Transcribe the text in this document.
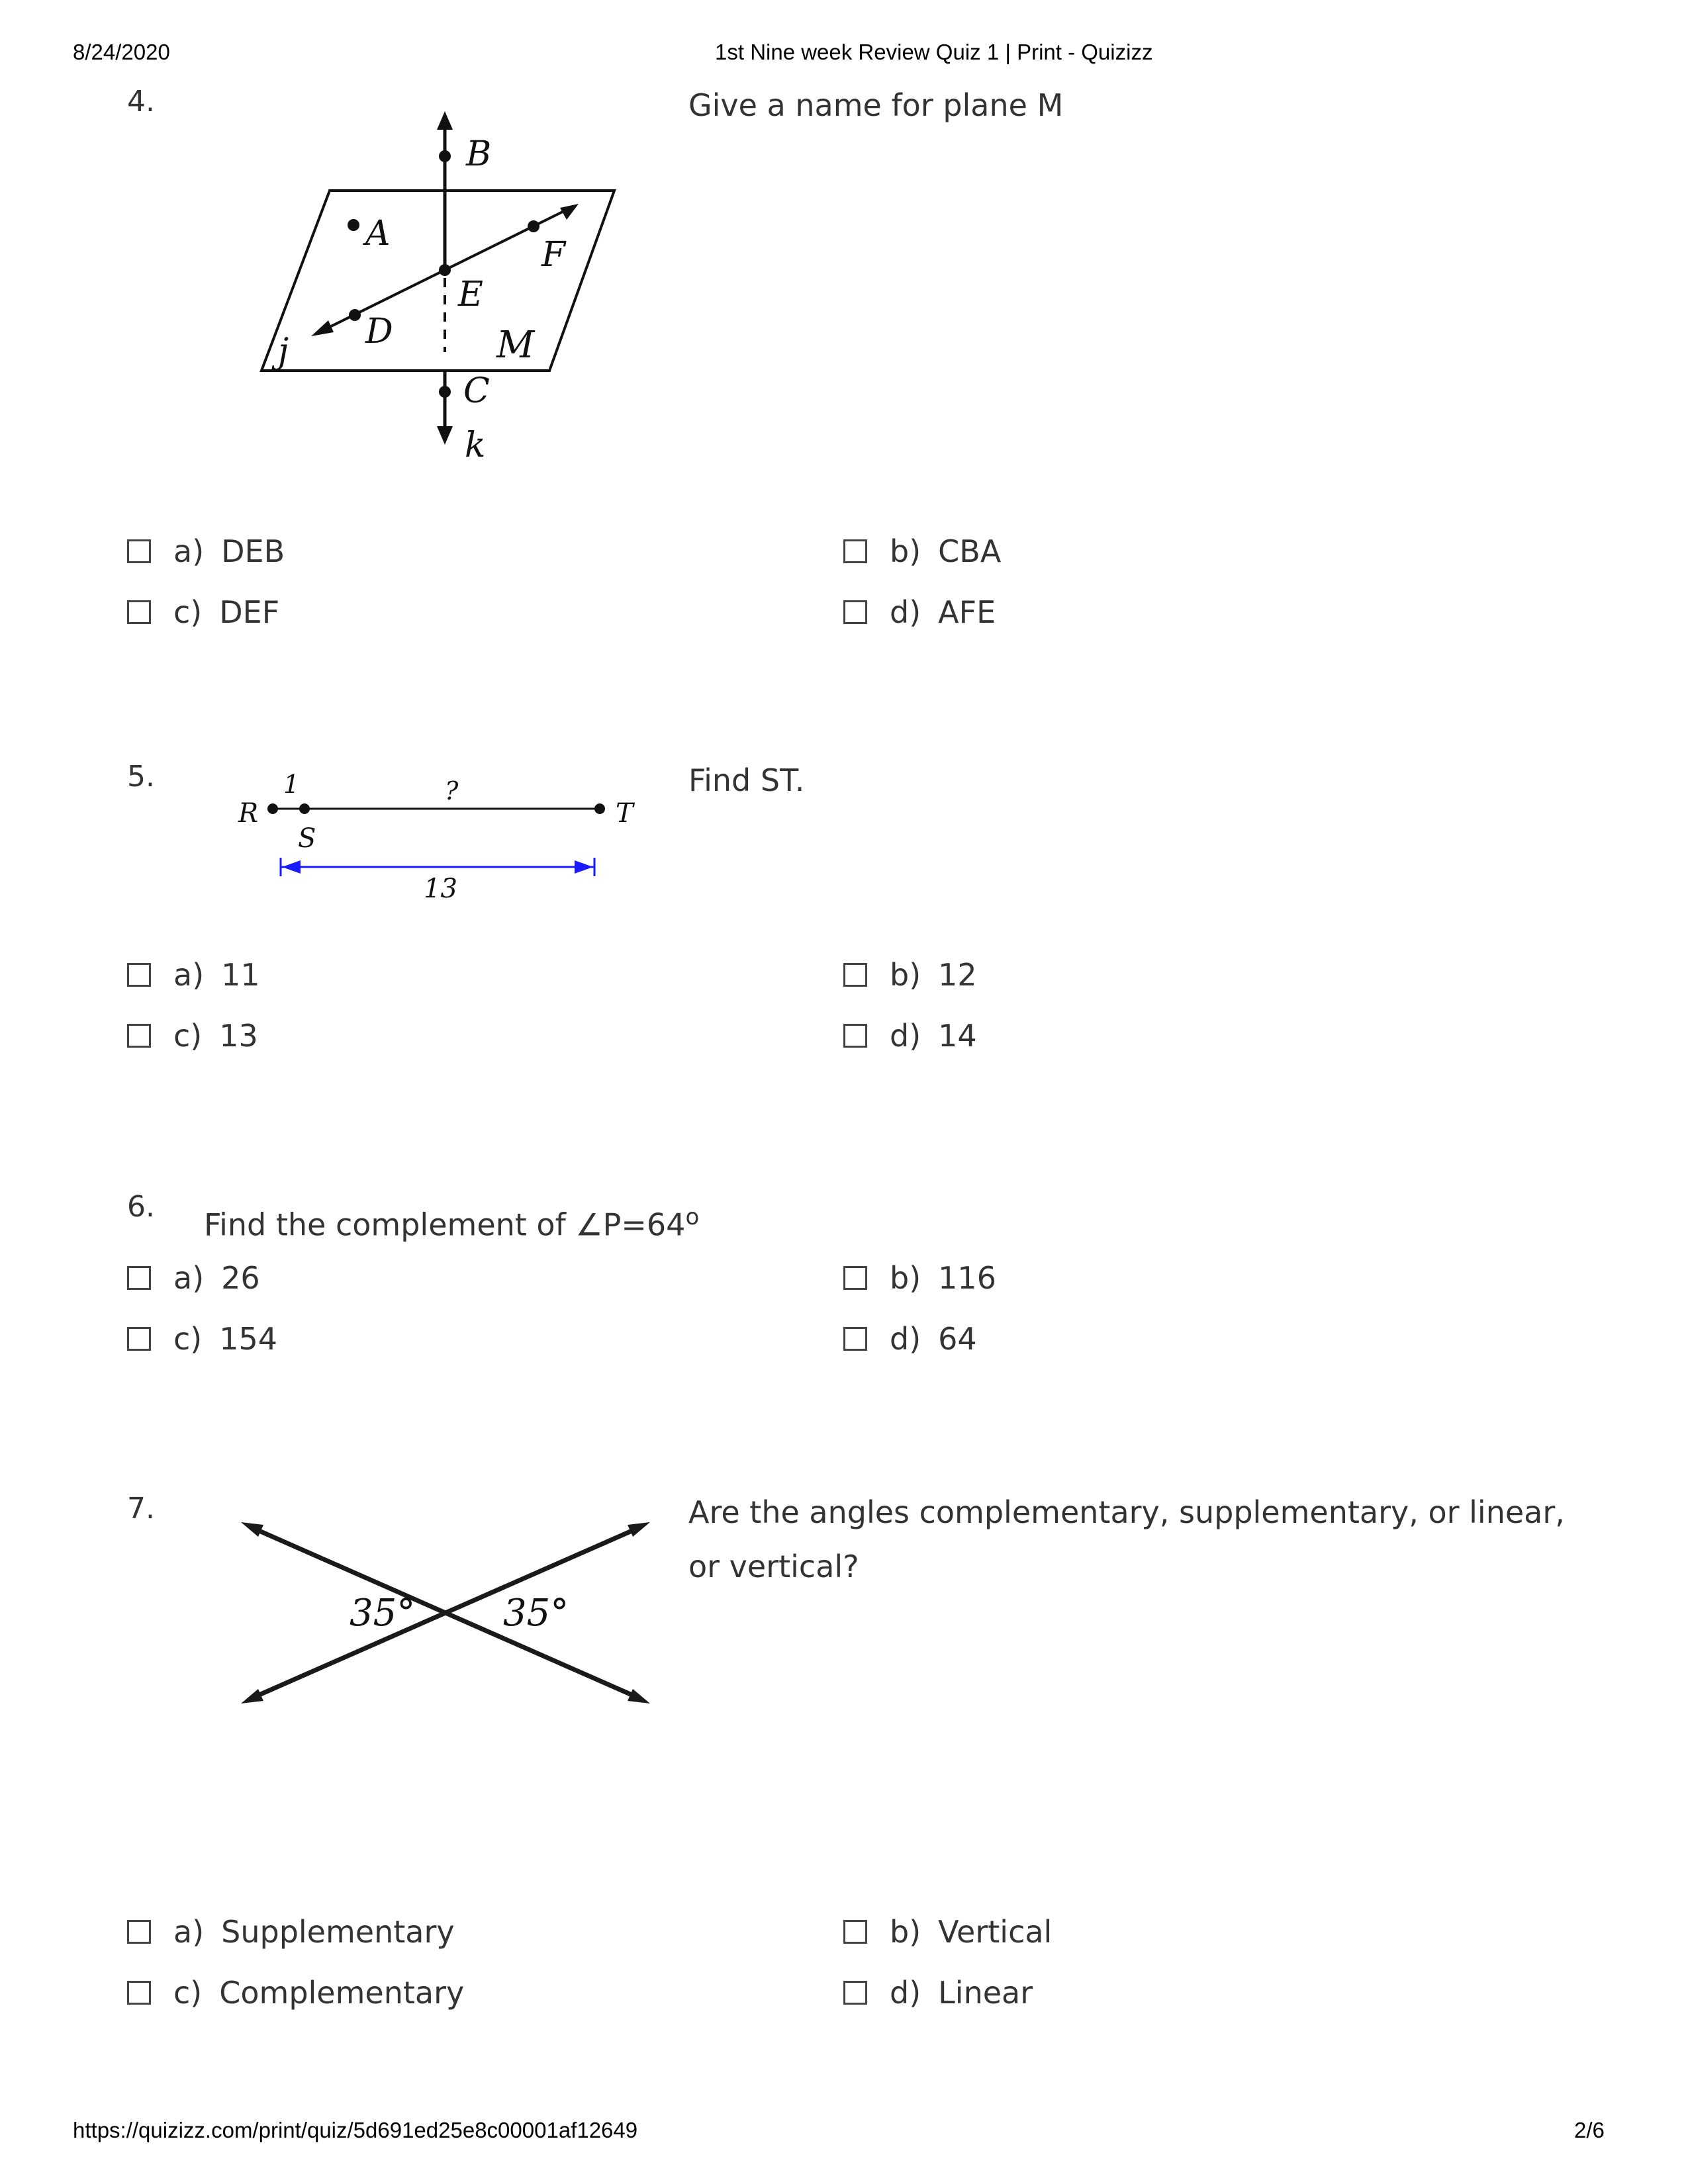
8/24/2020	1st Nine week Review Quiz 1 | Print - Quizizz
4.	Give a name for plane M
B
A
F
E
j D	M
C
k
a) DEB	b) CBA
c) DEF	d) AFE
5.	Find ST.
R
S
T
1	?
13
a) 11	b) 12
c) 13	d) 14
6. Find the complement of $\angle P=64^o$
a) 26	b) 116
c) 154	d) 64
7.	Are the angles complementary, supplementary, or linear, or vertical?
35° 35°
a) Supplementary	b) Vertical
c) Complementary	d) Linear
https://quizizz.com/print/quiz/5d691ed25e8c00001af12649	2/6
